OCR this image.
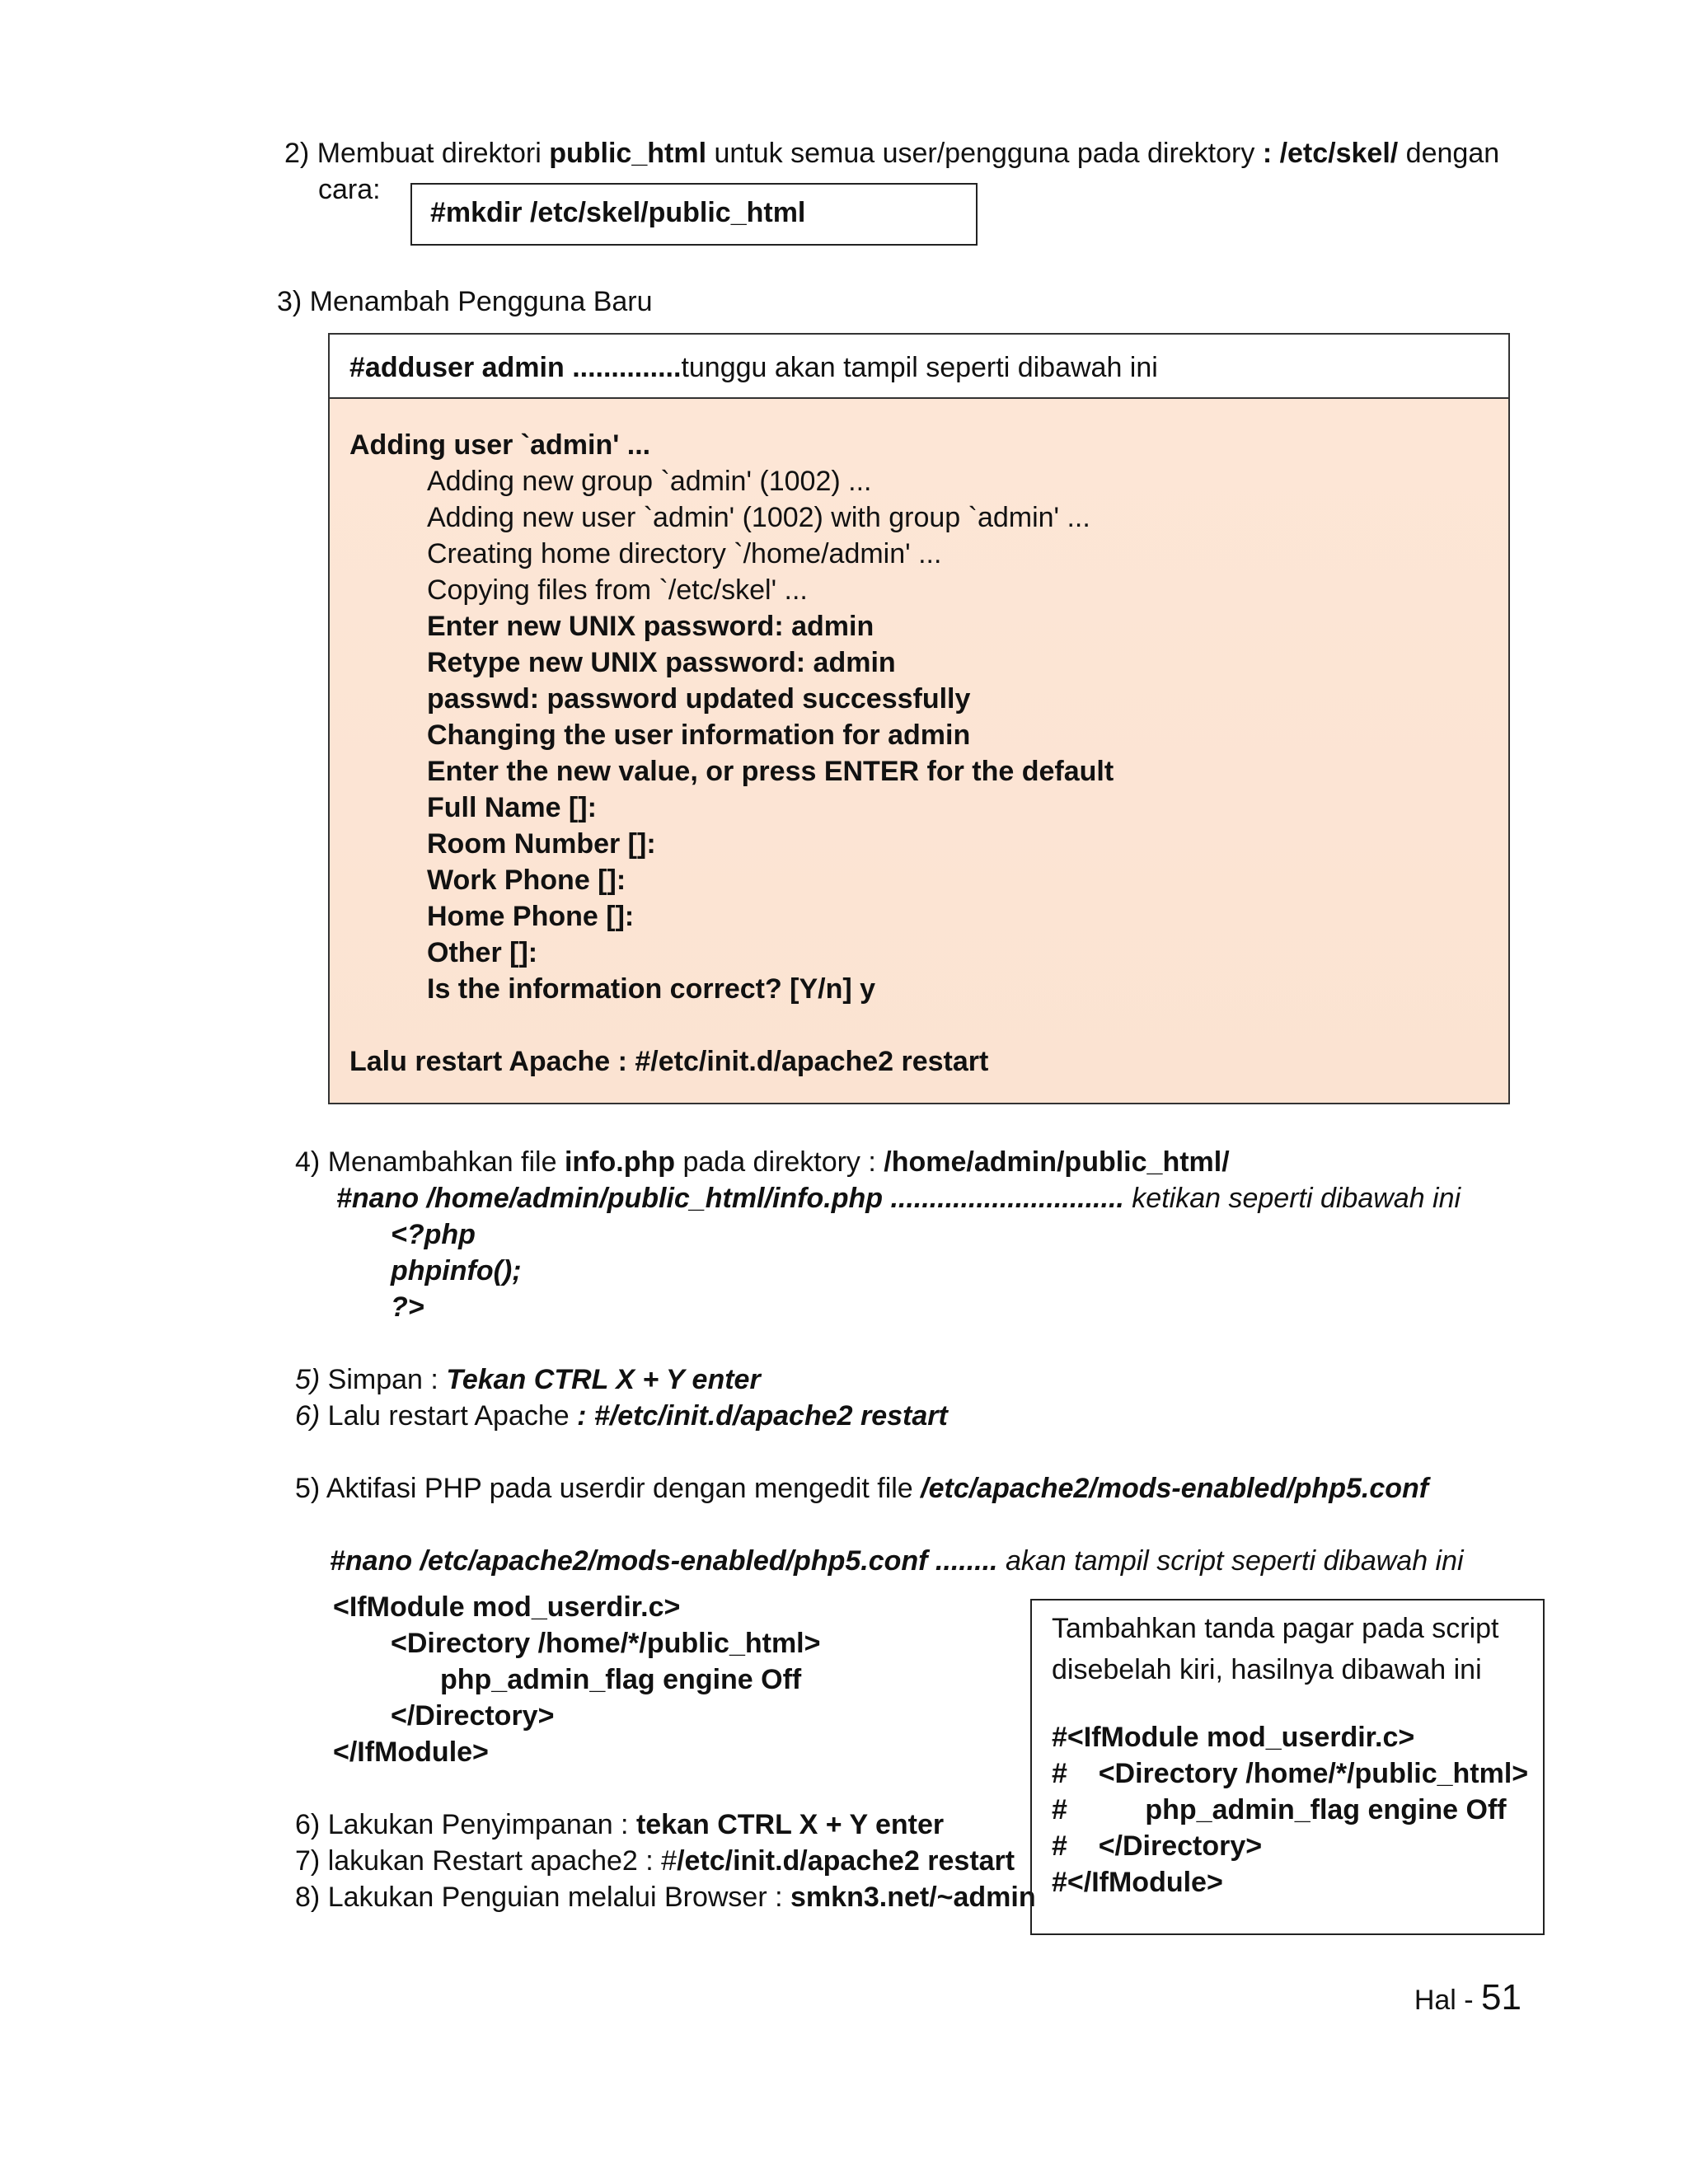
2) Membuat direktori public_html untuk semua user/pengguna pada direktory : /etc/skel/ dengan
cara:
#mkdir /etc/skel/public_html
3) Menambah Pengguna Baru
#adduser admin ..............tunggu akan tampil seperti dibawah ini
Adding user `admin' ...
Adding new group `admin' (1002) ...
Adding new user `admin' (1002) with group `admin' ...
Creating home directory `/home/admin' ...
Copying files from `/etc/skel' ...
Enter new UNIX password: admin
Retype new UNIX password: admin
passwd: password updated successfully
Changing the user information for admin
Enter the new value, or press ENTER for the default
Full Name []:
Room Number []:
Work Phone []:
Home Phone []:
Other []:
Is the information correct? [Y/n] y
Lalu restart Apache : #/etc/init.d/apache2 restart
4) Menambahkan file info.php pada direktory : /home/admin/public_html/
#nano /home/admin/public_html/info.php .............................. ketikan seperti dibawah ini
<?php
phpinfo();
?>
5) Simpan : Tekan CTRL X + Y enter
6) Lalu restart Apache : #/etc/init.d/apache2 restart
5) Aktifasi PHP pada userdir dengan mengedit file /etc/apache2/mods-enabled/php5.conf
#nano /etc/apache2/mods-enabled/php5.conf ........ akan tampil script seperti dibawah ini
<IfModule mod_userdir.c>
<Directory /home/*/public_html>
php_admin_flag engine Off
</Directory>
</IfModule>
6) Lakukan Penyimpanan : tekan CTRL X + Y enter
7) lakukan Restart apache2 : #/etc/init.d/apache2 restart
8) Lakukan Penguian melalui Browser : smkn3.net/~admin
Tambahkan tanda pagar pada script
disebelah kiri, hasilnya dibawah ini
#<IfModule mod_userdir.c>
#    <Directory /home/*/public_html>
#          php_admin_flag engine Off
#    </Directory>
#</IfModule>
Hal - 51
